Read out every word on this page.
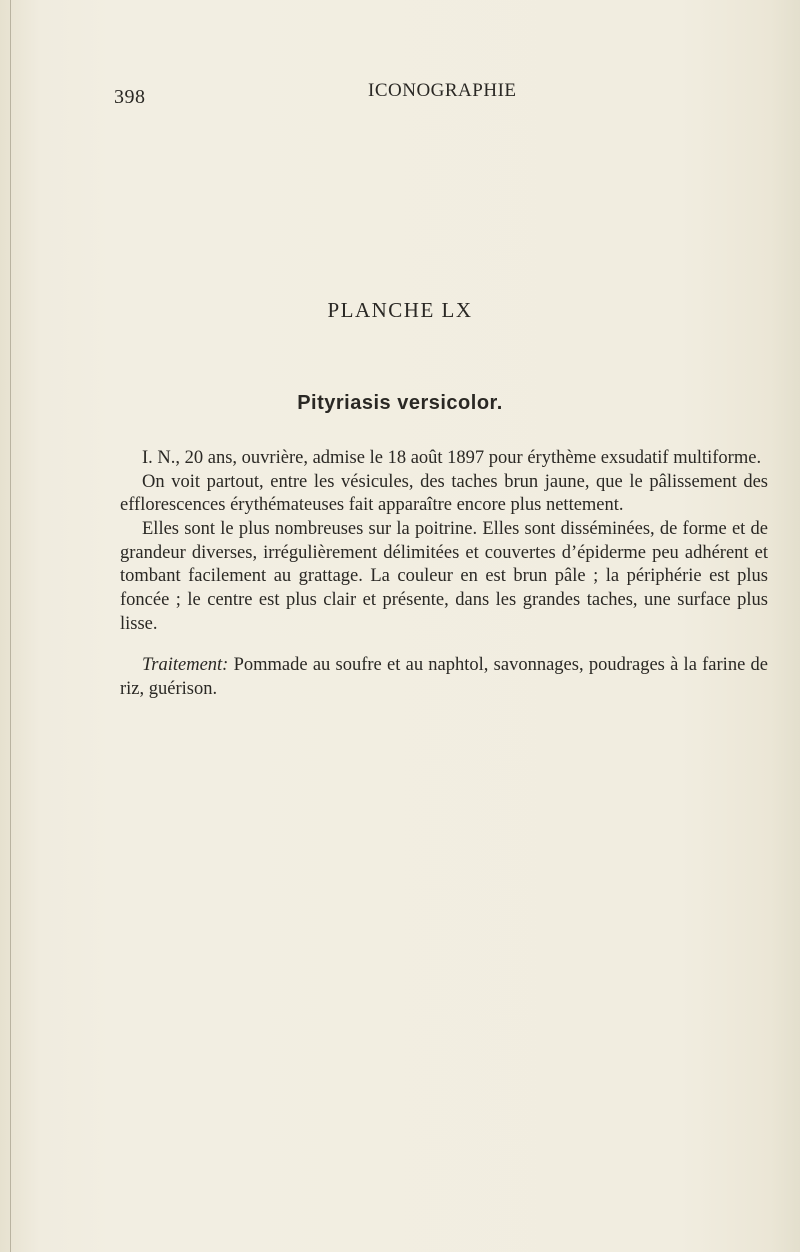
398	ICONOGRAPHIE
PLANCHE LX
Pityriasis versicolor.

I. N., 20 ans, ouvrière, admise le 18 août 1897 pour érythème exsudatif multiforme.

On voit partout, entre les vésicules, des taches brun jaune, que le pâlissement des efflorescences érythémateuses fait apparaître encore plus nettement.

Elles sont le plus nombreuses sur la poitrine. Elles sont disséminées, de forme et de grandeur diverses, irrégulièrement délimitées et couvertes d’épiderme peu adhérent et tombant facilement au grattage. La couleur en est brun pâle ; la périphérie est plus foncée ; le centre est plus clair et présente, dans les grandes taches, une surface plus lisse.

Traitement: Pommade au soufre et au naphtol, savonnages, poudrages à la farine de riz, guérison.
